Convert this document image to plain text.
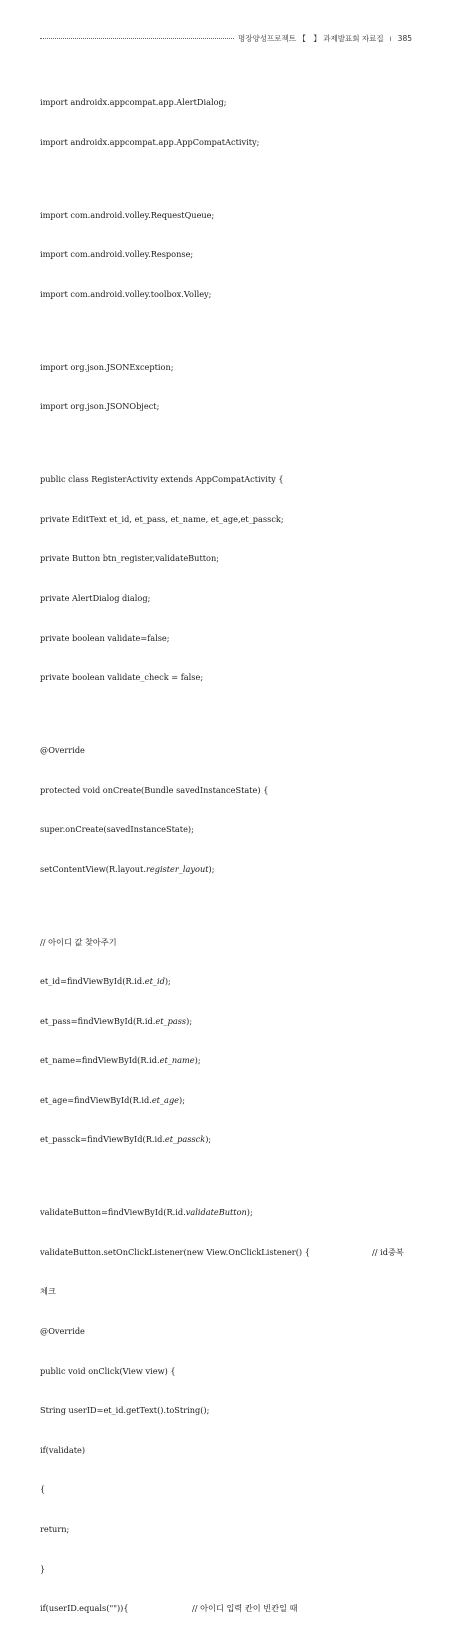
명장양성프로젝트 【　】 과제발표회 자료집 ı 385

import androidx.appcompat.app.AlertDialog;

import androidx.appcompat.app.AppCompatActivity;

import com.android.volley.RequestQueue;

import com.android.volley.Response;

import com.android.volley.toolbox.Volley;

import org.json.JSONException;

import org.json.JSONObject;

public class RegisterActivity extends AppCompatActivity {

private EditText et_id, et_pass, et_name, et_age,et_passck;

private Button btn_register,validateButton;

private AlertDialog dialog;

private boolean validate=false;

private boolean validate_check = false;

@Override

protected void onCreate(Bundle savedInstanceState) {

super.onCreate(savedInstanceState);

setContentView(R.layout.register_layout);

// 아이디 값 찾아주기

et_id=findViewById(R.id.et_id);

et_pass=findViewById(R.id.et_pass);

et_name=findViewById(R.id.et_name);

et_age=findViewById(R.id.et_age);

et_passck=findViewById(R.id.et_passck);

validateButton=findViewById(R.id.validateButton);

validateButton.setOnClickListener(new View.OnClickListener() {	// id중복

체크

@Override

public void onClick(View view) {

String userID=et_id.getText().toString();

if(validate)

{

return;

}

if(userID.equals("")){	// 아이디 입력 칸이 빈칸일 때
